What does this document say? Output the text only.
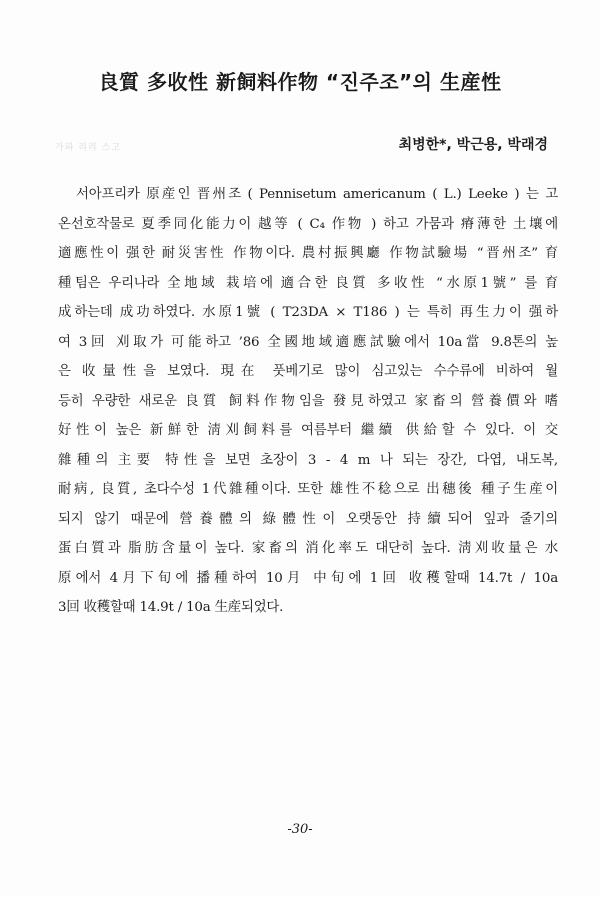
良質 多收性 新飼料作物 “진주조”의 生産性
가파 리리 스고	최병한*, 박근용, 박래경
서아프리카 原産인 晋州조 ( Pennisetum americanum ( L.) Leeke ) 는 고
온선호작물로 夏季同化能力이 越等 ( C₄ 作物 ) 하고 가뭄과 瘠薄한 土壤에
適應性이 强한 耐災害性 作物이다. 農村振興廳 作物試驗場 “晋州조” 育
種팀은 우리나라 全地域 栽培에 適合한 良質 多收性 “水原1號” 를 育
成하는데 成功하였다. 水原1號 ( T23DA × T186 ) 는 특히 再生力이 强하
여 3回 刈取가 可能하고 ’86 全國地域適應試驗에서 10a當 9.8톤의 높
은 收量性을 보였다. 現在 풋베기로 많이 심고있는 수수류에 비하여 월
등히 우량한 새로운 良質 飼料作物임을 發見하였고 家畜의 營養價와 嗜
好性이 높은 新鮮한 淸刈飼料를 여름부터 繼續 供給할 수 있다. 이 交
雜種의 主要 特性을 보면 초장이 3 - 4 m 나 되는 장간, 다엽, 내도복,
耐病, 良質, 초다수성 1代雜種이다. 또한 雄性不稔으로 出穗後 種子生産이
되지 않기 때문에 營養體의 綠體性이 오랫동안 持續되어 잎과 줄기의
蛋白質과 脂肪含量이 높다. 家畜의 消化率도 대단히 높다. 淸刈收量은 水
原에서 4月下旬에 播種하여 10月 中旬에 1回 收穫할때 14.7t / 10a
3回 收穫할때 14.9t / 10a 生産되었다.
-30-
